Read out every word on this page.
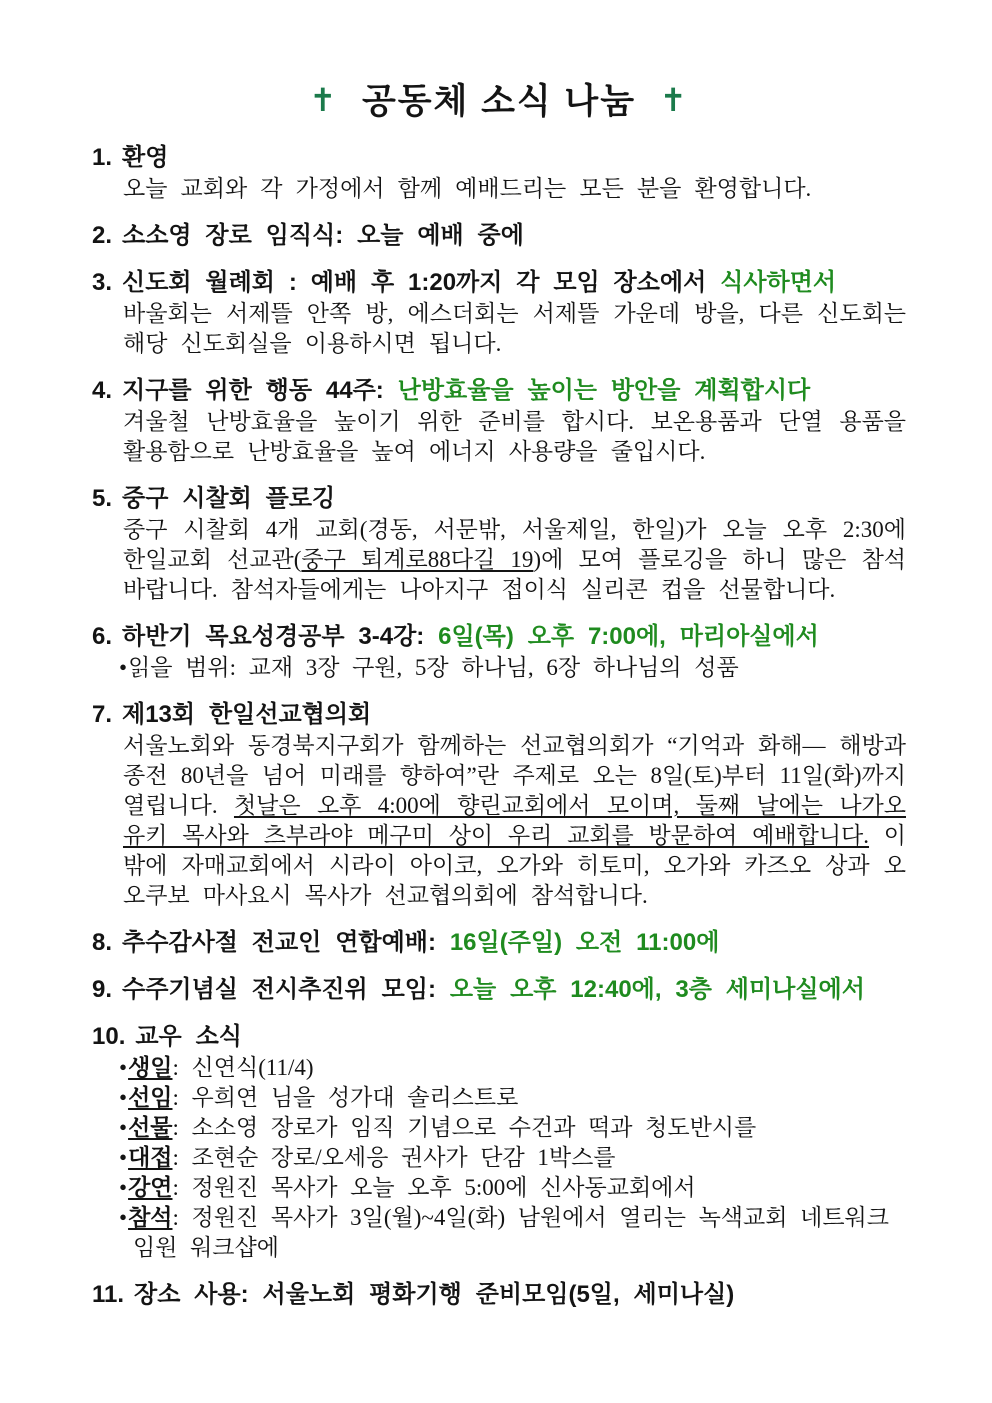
✝ 공동체 소식 나눔 ✝
1. 환영

오늘 교회와 각 가정에서 함께 예배드리는 모든 분을 환영합니다.

2. 소소영 장로 임직식: 오늘 예배 중에
3. 신도회 월례회 : 예배 후 1:20까지 각 모임 장소에서 식사하면서

바울회는 서제뜰 안쪽 방, 에스더회는 서제뜰 가운데 방을, 다른 신도회는 해당 신도회실을 이용하시면 됩니다.

4. 지구를 위한 행동 44주: 난방효율을 높이는 방안을 계획합시다

겨울철 난방효율을 높이기 위한 준비를 합시다. 보온용품과 단열 용품을 활용함으로 난방효율을 높여 에너지 사용량을 줄입시다.

5. 중구 시찰회 플로깅

중구 시찰회 4개 교회(경동, 서문밖, 서울제일, 한일)가 오늘 오후 2:30에 한일교회 선교관(중구 퇴계로88다길 19)에 모여 플로깅을 하니 많은 참석 바랍니다. 참석자들에게는 나아지구 접이식 실리콘 컵을 선물합니다.

6. 하반기 목요성경공부 3-4강: 6일(목) 오후 7:00에, 마리아실에서
•읽을 범위: 교재 3장 구원, 5장 하나님, 6장 하나님의 성품
7. 제13회 한일선교협의회

서울노회와 동경북지구회가 함께하는 선교협의회가 “기억과 화해— 해방과 종전 80년을 넘어 미래를 향하여”란 주제로 오는 8일(토)부터 11일(화)까지 열립니다. 첫날은 오후 4:00에 향린교회에서 모이며, 둘째 날에는 나가오 유키 목사와 츠부라야 메구미 상이 우리 교회를 방문하여 예배합니다. 이밖에 자매교회에서 시라이 아이코, 오가와 히토미, 오가와 카즈오 상과 오오쿠보 마사요시 목사가 선교협의회에 참석합니다.

8. 추수감사절 전교인 연합예배: 16일(주일) 오전 11:00에
9. 수주기념실 전시추진위 모임: 오늘 오후 12:40에, 3층 세미나실에서
10. 교우 소식
•생일: 신연식(11/4)
•선임: 우희연 님을 성가대 솔리스트로
•선물: 소소영 장로가 임직 기념으로 수건과 떡과 청도반시를
•대접: 조현순 장로/오세응 권사가 단감 1박스를
•강연: 정원진 목사가 오늘 오후 5:00에 신사동교회에서
•참석: 정원진 목사가 3일(월)~4일(화) 남원에서 열리는 녹색교회 네트워크 임원 워크샵에
11. 장소 사용: 서울노회 평화기행 준비모임(5일, 세미나실)
